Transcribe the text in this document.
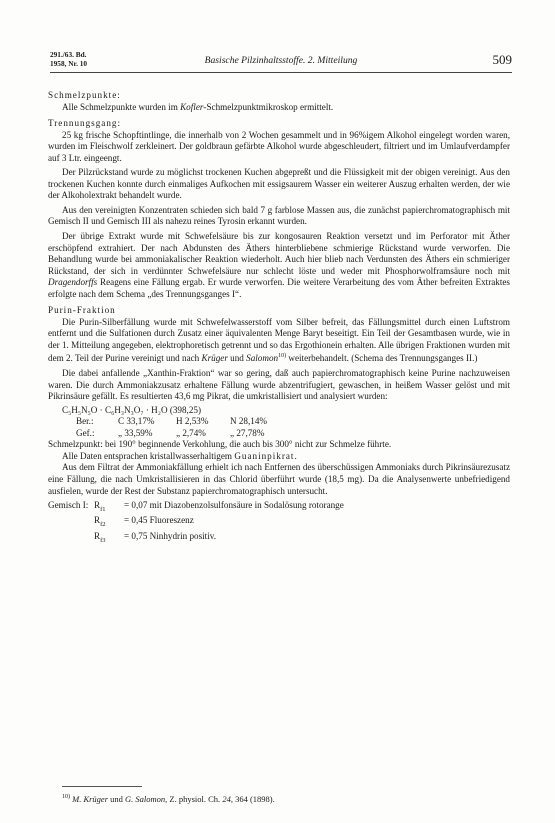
291./63. Bd.
1958, Nr. 10	Basische Pilzinhaltsstoffe. 2. Mitteilung	509

Schmelzpunkte:

Alle Schmelzpunkte wurden im Kofler-Schmelzpunktmikroskop ermittelt.

Trennungsgang:

25 kg frische Schopftintlinge, die innerhalb von 2 Wochen gesammelt und in 96%igem Alkohol eingelegt worden waren, wurden im Fleischwolf zerkleinert. Der goldbraun gefärbte Alkohol wurde abgeschleudert, filtriert und im Umlaufverdampfer auf 3 Ltr. eingeengt.

Der Pilzrückstand wurde zu möglichst trockenen Kuchen abgepreßt und die Flüssigkeit mit der obigen vereinigt. Aus den trockenen Kuchen konnte durch einmaliges Aufkochen mit essigsaurem Wasser ein weiterer Auszug erhalten werden, der wie der Alkoholextrakt behandelt wurde.

Aus den vereinigten Konzentraten schieden sich bald 7 g farblose Massen aus, die zunächst papierchromatographisch mit Gemisch II und Gemisch III als nahezu reines Tyrosin erkannt wurden.

Der übrige Extrakt wurde mit Schwefelsäure bis zur kongosauren Reaktion versetzt und im Perforator mit Äther erschöpfend extrahiert. Der nach Abdunsten des Äthers hinterbliebene schmierige Rückstand wurde verworfen. Die Behandlung wurde bei ammoniakalischer Reaktion wiederholt. Auch hier blieb nach Verdunsten des Äthers ein schmieriger Rückstand, der sich in verdünnter Schwefelsäure nur schlecht löste und weder mit Phosphorwolframsäure noch mit Dragendorffs Reagens eine Fällung ergab. Er wurde verworfen. Die weitere Verarbeitung des vom Äther befreiten Extraktes erfolgte nach dem Schema „des Trennungsganges I“.

Purin-Fraktion

Die Purin-Silberfällung wurde mit Schwefelwasserstoff vom Silber befreit, das Fällungsmittel durch einen Luftstrom entfernt und die Sulfationen durch Zusatz einer äquivalenten Menge Baryt beseitigt. Ein Teil der Gesamtbasen wurde, wie in der 1. Mitteilung angegeben, elektrophoretisch getrennt und so das Ergothionein erhalten. Alle übrigen Fraktionen wurden mit dem 2. Teil der Purine vereinigt und nach Krüger und Salomon$^{10)}$ weiterbehandelt. (Schema des Trennungsganges II.)

Die dabei anfallende „Xanthin-Fraktion“ war so gering, daß auch papierchromatographisch keine Purine nachzuweisen waren. Die durch Ammoniakzusatz erhaltene Fällung wurde abzentrifugiert, gewaschen, in heißem Wasser gelöst und mit Pikrinsäure gefällt. Es resultierten 43,6 mg Pikrat, die umkristallisiert und analysiert wurden:

C₅H₅N₅O · C₆H₃N₃O₇ · H₂O (398,25)

Ber.:	C 33,17% H 2,53% N 28,14%

Gef.:	„ 33,59%	„ 2,74%	„ 27,78%

Schmelzpunkt: bei 190° beginnende Verkohlung, die auch bis 300° nicht zur Schmelze führte.

Alle Daten entsprachen kristallwasserhaltigem Guaninpikrat.

Aus dem Filtrat der Ammoniakfällung erhielt ich nach Entfernen des überschüssigen Ammoniaks durch Pikrinsäurezusatz eine Fällung, die nach Umkristallisieren in das Chlorid überführt wurde (18,5 mg). Da die Analysenwerte unbefriedigend ausfielen, wurde der Rest der Substanz papierchromatographisch untersucht.

Gemisch I: $R_{f1} = 0,07$ mit Diazobenzolsulfonsäure in Sodalösung rotorange

$R_{f2} = 0,45$ Fluoreszenz

$R_{f3} = 0,75$ Ninhydrin positiv.

$^{10)}$ M. Krüger und G. Salomon, Z. physiol. Ch. 24, 364 (1898).
